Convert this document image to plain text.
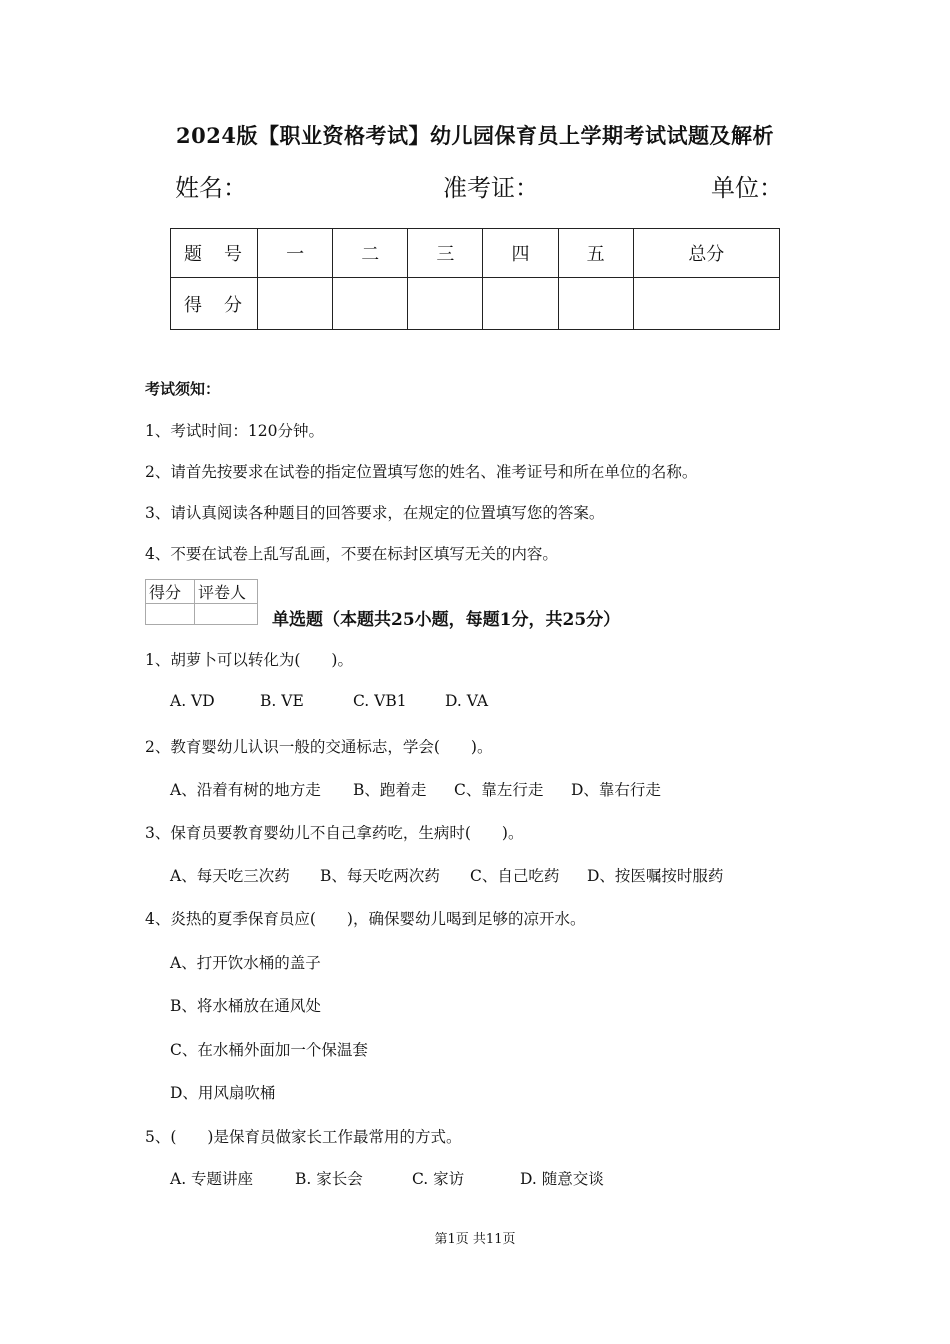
2024版【职业资格考试】幼儿园保育员上学期考试试题及解析
姓名：	准考证：	单位：
题　号	一	二	三	四	五	总分
得　分						
考试须知：
1、考试时间：120分钟。
2、请首先按要求在试卷的指定位置填写您的姓名、准考证号和所在单位的名称。
3、请认真阅读各种题目的回答要求，在规定的位置填写您的答案。
4、不要在试卷上乱写乱画，不要在标封区填写无关的内容。
得分	评卷人

单选题（本题共25小题，每题1分，共25分）
1、胡萝卜可以转化为(　　)。
A. VD	B. VE	C. VB1 D. VA
2、教育婴幼儿认识一般的交通标志，学会(　　)。
A、沿着有树的地方走 B、跑着走 C、靠左行走 D、靠右行走
3、保育员要教育婴幼儿不自己拿药吃，生病时(　　)。
A、每天吃三次药 B、每天吃两次药 C、自己吃药 D、按医嘱按时服药
4、炎热的夏季保育员应(　　)，确保婴幼儿喝到足够的凉开水。
A、打开饮水桶的盖子
B、将水桶放在通风处
C、在水桶外面加一个保温套
D、用风扇吹桶
5、(　　)是保育员做家长工作最常用的方式。
A. 专题讲座	B. 家长会	C. 家访	D. 随意交谈
第1页 共11页
